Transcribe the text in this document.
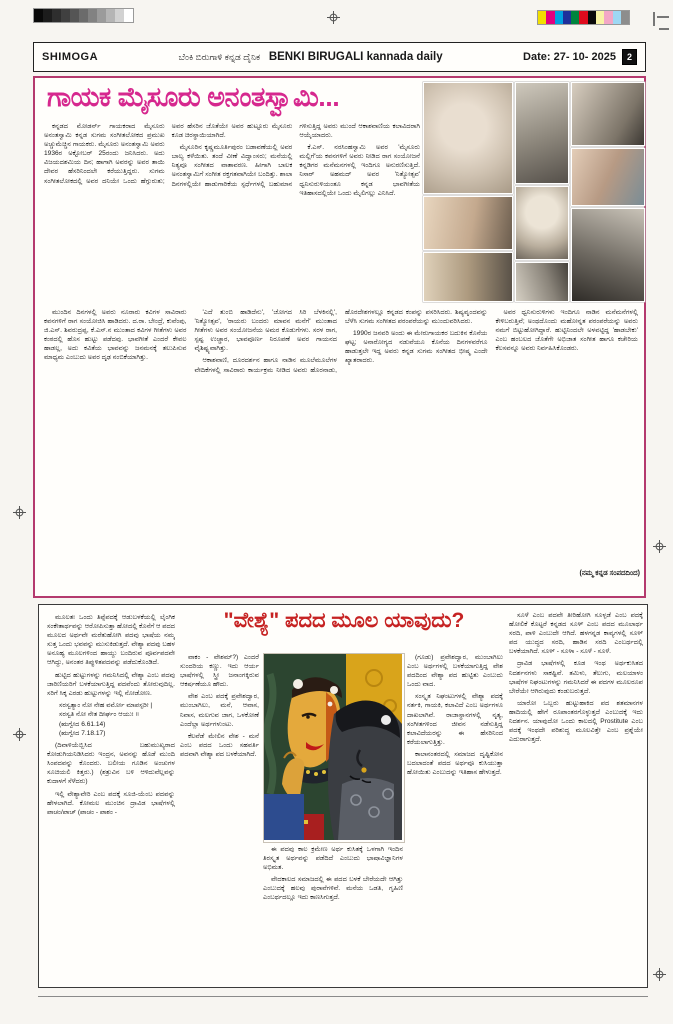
SHIMOGA	ಬೆಂಕಿ ಬಿರುಗಾಳಿ ಕನ್ನಡ ದೈನಿಕ BENKI BIRUGALI kannada daily	Date: 27- 10- 2025	2
ಗಾಯಕ ಮೈಸೂರು ಅನಂತಸ್ವಾಮಿ...

ಕನ್ನಡದ ಮೋಡರ್ನ್ ಗಾಯಕರಾದ ಮೈಸೂರು ಅನಂತಸ್ವಾಮಿ ಕನ್ನಡ ಸುಗಮ ಸಂಗೀತಲೋಕದ ಪ್ರಮುಖ ಅಚ್ಚುಮೆಚ್ಚಿನ ಗಾಯಕರು. ಮೈಸೂರು ಅನಂತಸ್ವಾಮಿ ಅವರು 1936ರ ಅಕ್ಟೋಬರ್ 25ರಂದು ಜನಿಸಿದರು. ಅದು ವಿಜಯದಶಮಿಯ ದಿನ; ಹಾಗಾಗಿ ಅವರನ್ನು ಅವರ ತಾಯಿ ದೇವರ ಹೆಸರಿನಿಂದಲೇ ಕರೆಯುತ್ತಿದ್ದರು. ಸುಗಮ ಸಂಗೀತಲೋಕದಲ್ಲಿ ಅವರ ದನಿಯೇ ಒಂದು ಹೆಗ್ಗುರುತು; ಅವರ ಹೆಸರಿನ ಜೊತೆಯೇ ಅವರ ಹುಟ್ಟೂರು ಮೈಸೂರು ಕೂಡ ಚಿರಸ್ಥಾಯಿಯಾಗಿದೆ.

ಮೈಸೂರಿನ ಕೃಷ್ಣಮೂರ್ತಿಪುರಂ ಬಡಾವಣೆಯಲ್ಲಿ ಅವರ ಬಾಲ್ಯ ಕಳೆಯಿತು. ತಂದೆ ವೀಣೆ ವಿದ್ವಾಂಸರು; ಮನೆಯಲ್ಲಿ ನಿತ್ಯವೂ ಸಂಗೀತದ ವಾತಾವರಣ. ಹೀಗಾಗಿ ಬಾಲಕ ಅನಂತಸ್ವಾಮಿಗೆ ಸಂಗೀತ ರಕ್ತಗತವಾಗಿಯೇ ಬಂದಿತ್ತು. ಶಾಲಾ ದಿನಗಳಲ್ಲಿಯೇ ಹಾಡುಗಾರಿಕೆಯ ಸ್ಪರ್ಧೆಗಳಲ್ಲಿ ಬಹುಮಾನ ಗಳಿಸುತ್ತಿದ್ದ ಅವರು ಮುಂದೆ ಆಕಾಶವಾಣಿಯ ಕಲಾವಿದರಾಗಿ ಆಯ್ಕೆಯಾದರು.

ಕೆ.ಎಸ್. ನರಸಿಂಹಸ್ವಾಮಿ ಅವರ 'ಮೈಸೂರು ಮಲ್ಲಿಗೆ'ಯ ಕವನಗಳಿಗೆ ಅವರು ನೀಡಿದ ರಾಗ ಸಂಯೋಜನೆ ಕನ್ನಡಿಗರ ಮನೆಮನಗಳಲ್ಲಿ ಇಂದಿಗೂ ಅನುರಣಿಸುತ್ತಿದೆ. ನಿಸಾರ್ ಅಹಮದ್ ಅವರ 'ನಿತ್ಯೋತ್ಸವ' ಧ್ವನಿಸುರುಳಿಯಂತೂ ಕನ್ನಡ ಭಾವಗೀತೆಯ ಇತಿಹಾಸದಲ್ಲಿಯೇ ಒಂದು ಮೈಲಿಗಲ್ಲು ಎನಿಸಿದೆ.

ಮುಂದಿನ ದಿನಗಳಲ್ಲಿ ಅವರು ನೂರಾರು ಕವಿಗಳ ಸಾವಿರಾರು ಕವನಗಳಿಗೆ ರಾಗ ಸಂಯೋಜಿಸಿ ಹಾಡಿದರು. ದ.ರಾ. ಬೇಂದ್ರೆ, ಕುವೆಂಪು, ಜಿ.ಎಸ್. ಶಿವರುದ್ರಪ್ಪ, ಕೆ.ಎಸ್.ನ ಮುಂತಾದ ಕವಿಗಳ ಗೀತೆಗಳು ಅವರ ಕಂಠದಲ್ಲಿ ಹೊಸ ಹುಟ್ಟು ಪಡೆದವು. ಭಾವಗೀತೆ ಎಂದರೆ ಕೇವಲ ಹಾಡಲ್ಲ, ಅದು ಕವಿತೆಯ ಭಾವವನ್ನು ಜನಮನಕ್ಕೆ ತಲುಪಿಸುವ ಮಾಧ್ಯಮ ಎಂಬುದು ಅವರ ದೃಢ ನಂಬಿಕೆಯಾಗಿತ್ತು.

'ಎದೆ ತುಂಬಿ ಹಾಡಿದೆನು', 'ಜೋಗದ ಸಿರಿ ಬೆಳಕಿನಲ್ಲಿ', 'ನಿತ್ಯೋತ್ಸವ', 'ರಾಯರು ಬಂದರು ಮಾವನ ಮನೆಗೆ' ಮುಂತಾದ ಗೀತೆಗಳು ಅವರ ಸಂಯೋಜನೆಯ ಅಮರ ಕೊಡುಗೆಗಳು. ಸರಳ ರಾಗ, ಸ್ಪಷ್ಟ ಉಚ್ಚಾರ, ಭಾವಪೂರ್ಣ ನಿರೂಪಣೆ ಅವರ ಗಾಯನದ ವೈಶಿಷ್ಟ್ಯವಾಗಿತ್ತು.

ಆಕಾಶವಾಣಿ, ದೂರದರ್ಶನ ಹಾಗೂ ನಾಡಿನ ಮೂಲೆಮೂಲೆಗಳ ವೇದಿಕೆಗಳಲ್ಲಿ ಸಾವಿರಾರು ಕಾರ್ಯಕ್ರಮ ನೀಡಿದ ಅವರು ಹೊರನಾಡು, ಹೊರದೇಶಗಳಲ್ಲೂ ಕನ್ನಡದ ಕಂಪನ್ನು ಪಸರಿಸಿದರು. ಶಿಷ್ಯವೃಂದವನ್ನು ಬೆಳೆಸಿ ಸುಗಮ ಸಂಗೀತದ ಪರಂಪರೆಯನ್ನು ಮುಂದುವರಿಸಿದರು.

1990ರ ಜನವರಿ ಅಂದು ಈ ಮೇರುಗಾಯಕರ ಬದುಕಿನ ಕೊನೆಯ ಘಟ್ಟ; ಅನಾರೋಗ್ಯದ ನಡುವೆಯೂ ಕೊನೆಯ ದಿನಗಳವರೆಗೂ ಹಾಡುತ್ತಲೇ ಇದ್ದ ಅವರು ಕನ್ನಡ ಸುಗಮ ಸಂಗೀತದ ಭೀಷ್ಮ ಎಂದೇ ಖ್ಯಾತರಾದರು.

ಅವರ ಧ್ವನಿಸುರುಳಿಗಳು ಇಂದಿಗೂ ನಾಡಿನ ಮನೆಮನೆಗಳಲ್ಲಿ ಕೇಳಿಬರುತ್ತಿವೆ; ಅಂಥದೊಂದು ಮಹೋನ್ನತ ಪರಂಪರೆಯನ್ನು ಅವರು ನಮಗೆ ಬಿಟ್ಟುಹೋಗಿದ್ದಾರೆ. ಹುಟ್ಟಿನಿಂದಲೇ ಅಳವಟ್ಟಿದ್ದ 'ಹಾಡಬೇಕು' ಎಂಬ ಹಂಬಲದ ಜೊತೆಗೇ ಅಭಿಜಾತ ಸಂಗೀತ ಹಾಗೂ ಕಚೇರಿಯ ಕೆಲಸವನ್ನೂ ಅವರು ನಿರ್ವಹಿಸಿಕೊಂಡರು.

(ನಮ್ಮ ಕನ್ನಡ ಸಂಪದದಿಂದ)
"ವೇಶ್ಯೆ" ಪದದ ಮೂಲ ಯಾವುದು?

ಮೂಲತಃ ಒಂದು ತಿಪ್ಪೆಪದಕ್ಕೆ ಆಡುಬಳಕೆಯಲ್ಲಿ ಲೈಂಗಿಕ ಸಂಕೇತಾರ್ಥವನ್ನು ಆರೋಪಿಸುತ್ತಾ ಹೋದಲ್ಲಿ ಕೊನೆಗೆ ಆ ಪದದ ಮೂಲದ ಅರ್ಥವೇ ಮರೆತುಹೋಗಿ ಪದವು ಭಾಷೆಯ ನಮ್ಮ ಸುತ್ತ ಒಂದು ಭವವನ್ನು ಮುಸುಕಿಡುತ್ತದೆ. ವೇಶ್ಯಾ ಪದವು ಬಹಳ ಅನೂಹ್ಯ ಮೂಲಗಳಿಂದ ಹಾಯ್ದು ಬಂದಿರುವ ಪೂರ್ವಪದವೇ ಆಗಿದ್ದು, ಅನಂತರ ತಿಪ್ಪುಳಿತಪದವನ್ನು ಪಡೆದುಕೊಂಡಿದೆ.

ಹುಟ್ಟಿದ ಹುಟ್ಟುಗಳನ್ನು ಗಮನಿಸಿದಲ್ಲಿ ವೇಶ್ಯಾ ಎಂಬ ಪದವು ಜಾರಿಣಿಯರಿಗೆ ಬಳಕೆಯಾಗುತ್ತಿದ್ದ ಪದವೆಂದು ತೋರುವುದಿಲ್ಲ. ಸರಿಗೆ ಸಿಕ್ಕ ಎರಡು ಹುಟ್ಟುಗಳನ್ನು ಇಲ್ಲಿ ನೋಡೋಣ.

ಸರಸ್ವತ್ಯಾಂ ನೋ ನೇಹ ವರ್ಮೋ ಮಾಪಸ್ಪರೀ |

ಸರಸ್ವತಿ ನೋ ನೇತ ದೀರ್ಘಂ ಆಯುಃ ॥

(ಋಗ್ವೇದ 6.61.14)

(ಋಗ್ವೇದ 7.18.17)

(ದಿವಾಳಿಯೆಬ್ಬಿಸಿದ ಬಹುಮುಖ್ಯರಾದ ಕೋಡುಗಿಯನಿಡಿಸಿದರು ಇಂದ್ರನ, ಅವನನ್ನು ಹೊಡೆ ಮುಂದಿ ಸಿಂಪದವನ್ನು ಕೊಂದರು. ಬಲೀಯ ಗೂಡಿನ ಅಂಚುಗಳ ಸೂಚಿಯಲಿ ಕಿತ್ತರು.) (ಶತ್ರುವಿನ ಬಳಿ ಆಳಿದುವೆಲ್ಲವನ್ನು ಕುದಾಳಗೆ ಸೆಳೆದರು)

ಇಲ್ಲಿ ವೇಶ್ಯಾವೇರಿ ಎಂಬ ಪದಕ್ಕೆ ಸೂಜಿ-ಯೆಂಬ ಪದವನ್ನು ಹೇಳಲಾಗಿದೆ. ಕೋಮಲ ಮುಂಚಿನ ದ್ರಾವಿಡ ಭಾಷೆಗಳಲ್ಲಿ ಪಾಚಂ/ಪಾಚ್ (ಪಾಚಂ - ಪಾಶಂ -

ವಾಕಂ - ವೇಶಮ್?) ಎಂದರೆ ಸುಂದರಿಯ ಕಣ್ಣು. ಇದು ಆರ್ಯ ಭಾಷೆಗಳಲ್ಲಿ ಸ್ತ್ರೀ ಜನಾಂಗಕ್ಕಿರುವ ಆಕರ್ಷಣೆಯೂ ಹೌದು.

ವೇಶ ಎಂಬ ಪದಕ್ಕೆ ಪ್ರವೇಶದ್ವಾರ, ಮುಂಬಾಗಿಲು, ಮನೆ, ಆವಾಸ, ನಿವಾಸ, ಮಲಗುವ ಜಾಗ, ಒಳಕೋಣೆ ಎಂದೆಲ್ಲಾ ಅರ್ಥಗಳುಂಟು.

ಕೆಲವೆಡೆ ಮೇಲಿನ ವೇಶ - ಮನೆ ಎಂಬ ಪದದ ಒಂದು ಸಹವರ್ತಿ ಪದವಾಗಿ ವೇಶ್ಯಾ ಪದ ಬಳಕೆಯಾಗಿದೆ.

ಈ ಪದವು ಕಾಲ ಕ್ರಮೇಣ ಅರ್ಥ ಕುಸಿತಕ್ಕೆ ಒಳಗಾಗಿ ಇಂದಿನ ತಿರಸ್ಕೃತ ಅರ್ಥವನ್ನು ಪಡೆದಿದೆ ಎಂಬುದು ಭಾಷಾವಿಜ್ಞಾನಿಗಳ ಅಭಿಮತ.

ವೇದಕಾಲದ ಸಮಾಜದಲ್ಲಿ ಈ ಪದದ ಬಳಕೆ ಬೇರೆಯದೇ ಆಗಿತ್ತು ಎಂಬುದಕ್ಕೆ ಹಲವು ಪುರಾವೆಗಳಿವೆ. ಮನೆಯ ಒಡತಿ, ಗೃಹಿಣಿ ಎಂಬರ್ಥದಲ್ಲೂ ಇದು ಕಾಣಸಿಗುತ್ತದೆ.

(ಗೂಡು) ಪ್ರವೇಶದ್ವಾರ, ಮುಂಬಾಗಿಲು ಎಂಬ ಅರ್ಥಗಳಲ್ಲಿ ಬಳಕೆಯಾಗುತ್ತಿದ್ದ ವೇಶ ಪದದಿಂದ ವೇಶ್ಯಾ ಪದ ಹುಟ್ಟಿತು ಎಂಬುದು ಒಂದು ವಾದ.

ಸಂಸ್ಕೃತ ನಿಘಂಟುಗಳಲ್ಲಿ ವೇಶ್ಯಾ ಪದಕ್ಕೆ ನರ್ತಕಿ, ಗಾಯಕಿ, ಕಲಾವಿದೆ ಎಂಬ ಅರ್ಥಗಳೂ ದಾಖಲಾಗಿವೆ. ರಾಜಾಸ್ಥಾನಗಳಲ್ಲಿ ನೃತ್ಯ, ಸಂಗೀತಗಳಿಂದ ಜೀವನ ನಡೆಸುತ್ತಿದ್ದ ಕಲಾವಿದೆಯರನ್ನು ಈ ಹೆಸರಿನಿಂದ ಕರೆಯಲಾಗುತ್ತಿತ್ತು.

ಕಾಲಾನಂತರದಲ್ಲಿ ಸಮಾಜದ ದೃಷ್ಟಿಕೋನ ಬದಲಾದಂತೆ ಪದದ ಅರ್ಥವೂ ಕುಸಿಯುತ್ತಾ ಹೋಯಿತು ಎಂಬುದನ್ನು ಇತಿಹಾಸ ಹೇಳುತ್ತದೆ.

ಸೂಳೆ ಎಂಬ ಪದವೇ ತೀರಿಹೋಗಿ ಸೂಳ್ಪಡೆ ಎಂಬ ಪದಕ್ಕೆ ಹೋಲಿಕೆ ಕೊಟ್ಟರೆ ಕನ್ನಡದ ಸೂಳ್ ಎಂಬ ಪದದ ಮೂಲಾರ್ಥ ಸರದಿ, ಪಾಳಿ ಎಂಬುದೇ ಆಗಿದೆ. ಹಳಗನ್ನಡ ಕಾವ್ಯಗಳಲ್ಲಿ ಸೂಳ್ ಪದ ಯುದ್ಧದ ಸರದಿ, ಹಾಡಿನ ಸರದಿ ಎಂಬರ್ಥದಲ್ಲಿ ಬಳಕೆಯಾಗಿದೆ. ಸೂಳ್ - ಸೂಳಾ - ಸೂಳೆ - ಸೂಳೆ.

ದ್ರಾವಿಡ ಭಾಷೆಗಳಲ್ಲಿ ಕೂಡ ಇಂಥ ಅರ್ಥಕುಸಿತದ ನಿದರ್ಶನಗಳು ಸಾಕಷ್ಟಿವೆ. ತಮಿಳು, ತೆಲುಗು, ಮಲಯಾಳಂ ಭಾಷೆಗಳ ನಿಘಂಟುಗಳನ್ನು ಗಮನಿಸಿದರೆ ಈ ಪದಗಳ ಮೂಲರೂಪ ಬೇರೆಯೇ ಆಗಿರುವುದು ಕಂಡುಬರುತ್ತದೆ.

ಯಾರೋ ಒಬ್ಬರು ಹುಟ್ಟುಹಾಕಿದ ಪದ ಶತಮಾನಗಳ ಹಾದಿಯಲ್ಲಿ ಹೇಗೆ ರೂಪಾಂತರಗೊಳ್ಳುತ್ತದೆ ಎಂಬುದಕ್ಕೆ ಇದು ನಿದರ್ಶನ. ಯಾವುದೋ ಒಂದು ಕಾಲದಲ್ಲಿ Prostitute ಎಂಬ ಪದಕ್ಕೆ ಇಂಥದೇ ಪರಿಶುದ್ಧ ಮೂಲವಿತ್ತೇ ಎಂಬ ಪ್ರಶ್ನೆಯೇ ಎದುರಾಗುತ್ತದೆ.
